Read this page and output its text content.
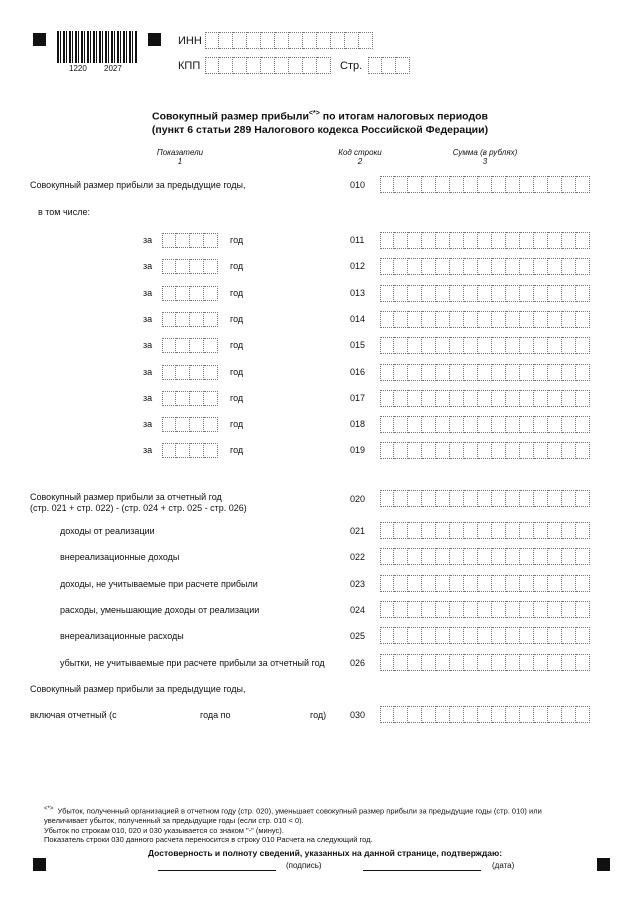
1220 2027
ИНН
КПП	Стр.
Совокупный размер прибыли<*> по итогам налоговых периодов
(пункт 6 статьи 289 Налогового кодекса Российской Федерации)
Показатели
1
Код строки
2
Сумма (в рублях)
3
Совокупный размер прибыли за предыдущие годы,	010
в том числе:
за	год	011
за	год	012
за	год	013
за	год	014
за	год	015
за	год	016
за	год	017
за	год	018
за	год	019
Совокупный размер прибыли за отчетный год
(стр. 021 + стр. 022) - (стр. 024 + стр. 025 - стр. 026)
020
доходы от реализации	021
внереализационные доходы	022
доходы, не учитываемые при расчете прибыли	023
расходы, уменьшающие доходы от реализации	024
внереализационные расходы	025
убытки, не учитываемые при расчете прибыли за отчетный год	026
Совокупный размер прибыли за предыдущие годы,
включая отчетный (с	года по	год)	030
<*> Убыток, полученный организацией в отчетном году (стр. 020), уменьшает совокупный размер прибыли за предыдущие годы (стр. 010) или
увеличивает убыток, полученный за предыдущие годы (если стр. 010 < 0).
Убыток по строкам 010, 020 и 030 указывается со знаком "-" (минус).
Показатель строки 030 данного расчета переносится в строку 010 Расчета на следующий год.
Достоверность и полноту сведений, указанных на данной странице, подтверждаю:
(подпись)	(дата)
